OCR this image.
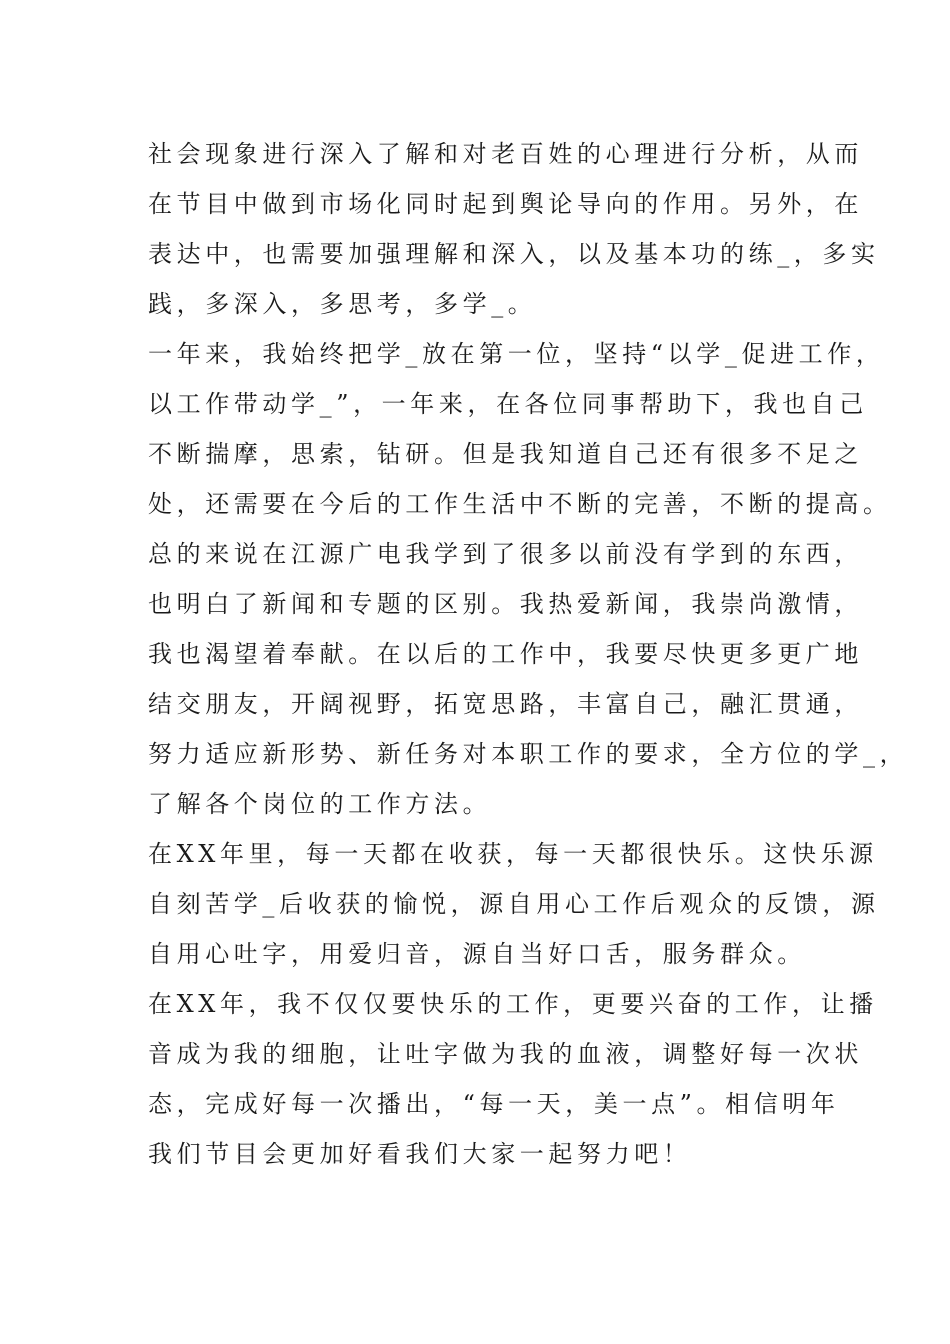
社会现象进行深入了解和对老百姓的心理进行分析，从而
在节目中做到市场化同时起到舆论导向的作用。另外，在
表达中，也需要加强理解和深入，以及基本功的练_，多实
践，多深入，多思考，多学_。
一年来，我始终把学_放在第一位，坚持“以学_促进工作，
以工作带动学_”，一年来，在各位同事帮助下，我也自己
不断揣摩，思索，钻研。但是我知道自己还有很多不足之
处，还需要在今后的工作生活中不断的完善，不断的提高。
总的来说在江源广电我学到了很多以前没有学到的东西，
也明白了新闻和专题的区别。我热爱新闻，我崇尚激情，
我也渴望着奉献。在以后的工作中，我要尽快更多更广地
结交朋友，开阔视野，拓宽思路，丰富自己，融汇贯通，
努力适应新形势、新任务对本职工作的要求，全方位的学_，
了解各个岗位的工作方法。
在XX年里，每一天都在收获，每一天都很快乐。这快乐源
自刻苦学_后收获的愉悦，源自用心工作后观众的反馈，源
自用心吐字，用爱归音，源自当好口舌，服务群众。
在XX年，我不仅仅要快乐的工作，更要兴奋的工作，让播
音成为我的细胞，让吐字做为我的血液，调整好每一次状
态，完成好每一次播出，“每一天，美一点”。相信明年
我们节目会更加好看我们大家一起努力吧！
